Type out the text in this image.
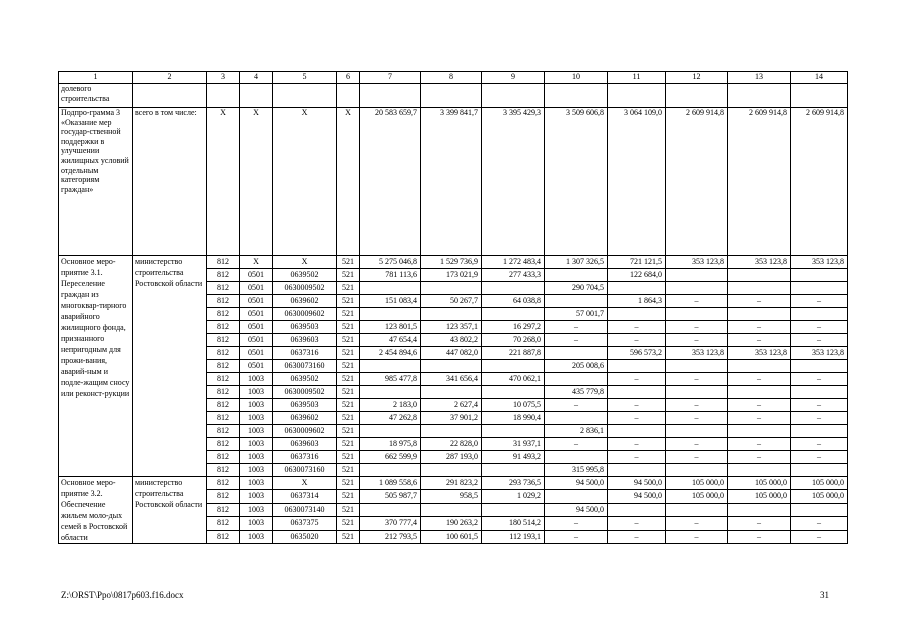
1	2	3	4	5	6	7	8	9	10	11	12	13	14
долевого строительства													
Подпро-грамма 3 «Оказание мер государ-ственной поддержки в улучшении жилищных условий отдельным категориям граждан»	всего в том числе:	Х	Х	Х	Х	20 583 659,7	3 399 841,7	3 395 429,3	3 509 606,8	3 064 109,0	2 609 914,8	2 609 914,8	2 609 914,8
Основное меро-приятие 3.1. Переселение граждан из многоквар-тирного аварийного жилищного фонда, признанного непригодным для прожи-вания, аварий-ным и подле-жащим сносу или реконст-рукции	министерство строительства Ростовской области	812	Х	Х	521	5 275 046,8	1 529 736,9	1 272 483,4	1 307 326,5	721 121,5	353 123,8	353 123,8	353 123,8
		812	0501	0639502	521	781 113,6	173 021,9	277 433,3		122 684,0			
		812	0501	0630009502	521				290 704,5				
		812	0501	0639602	521	151 083,4	50 267,7	64 038,8		1 864,3	–	–	–
		812	0501	0630009602	521				57 001,7				
		812	0501	0639503	521	123 801,5	123 357,1	16 297,2	–	–	–	–	–
		812	0501	0639603	521	47 654,4	43 802,2	70 268,0	–	–	–	–	–
		812	0501	0637316	521	2 454 894,6	447 082,0	221 887,8		596 573,2	353 123,8	353 123,8	353 123,8
		812	0501	0630073160	521				205 008,6				
		812	1003	0639502	521	985 477,8	341 656,4	470 062,1		–	–	–	–
		812	1003	0630009502	521				435 779,8				
		812	1003	0639503	521	2 183,0	2 627,4	10 075,5	–	–	–	–	–
		812	1003	0639602	521	47 262,8	37 901,2	18 990,4		–	–	–	–
		812	1003	0630009602	521				2 836,1				
		812	1003	0639603	521	18 975,8	22 828,0	31 937,1	–	–	–	–	–
		812	1003	0637316	521	662 599,9	287 193,0	91 493,2		–	–	–	–
		812	1003	0630073160	521				315 995,8				
Основное меро-приятие 3.2. Обеспечение жильем моло-дых семей в Ростовской области	министерство строительства Ростовской области	812	1003	Х	521	1 089 558,6	291 823,2	293 736,5	94 500,0	94 500,0	105 000,0	105 000,0	105 000,0
		812	1003	0637314	521	505 987,7	958,5	1 029,2		94 500,0	105 000,0	105 000,0	105 000,0
		812	1003	0630073140	521				94 500,0				
		812	1003	0637375	521	370 777,4	190 263,2	180 514,2	–	–	–	–	–
		812	1003	0635020	521	212 793,5	100 601,5	112 193,1	–	–	–	–	–
Z:\ORST\Ppo\0817p603.f16.docx	31
